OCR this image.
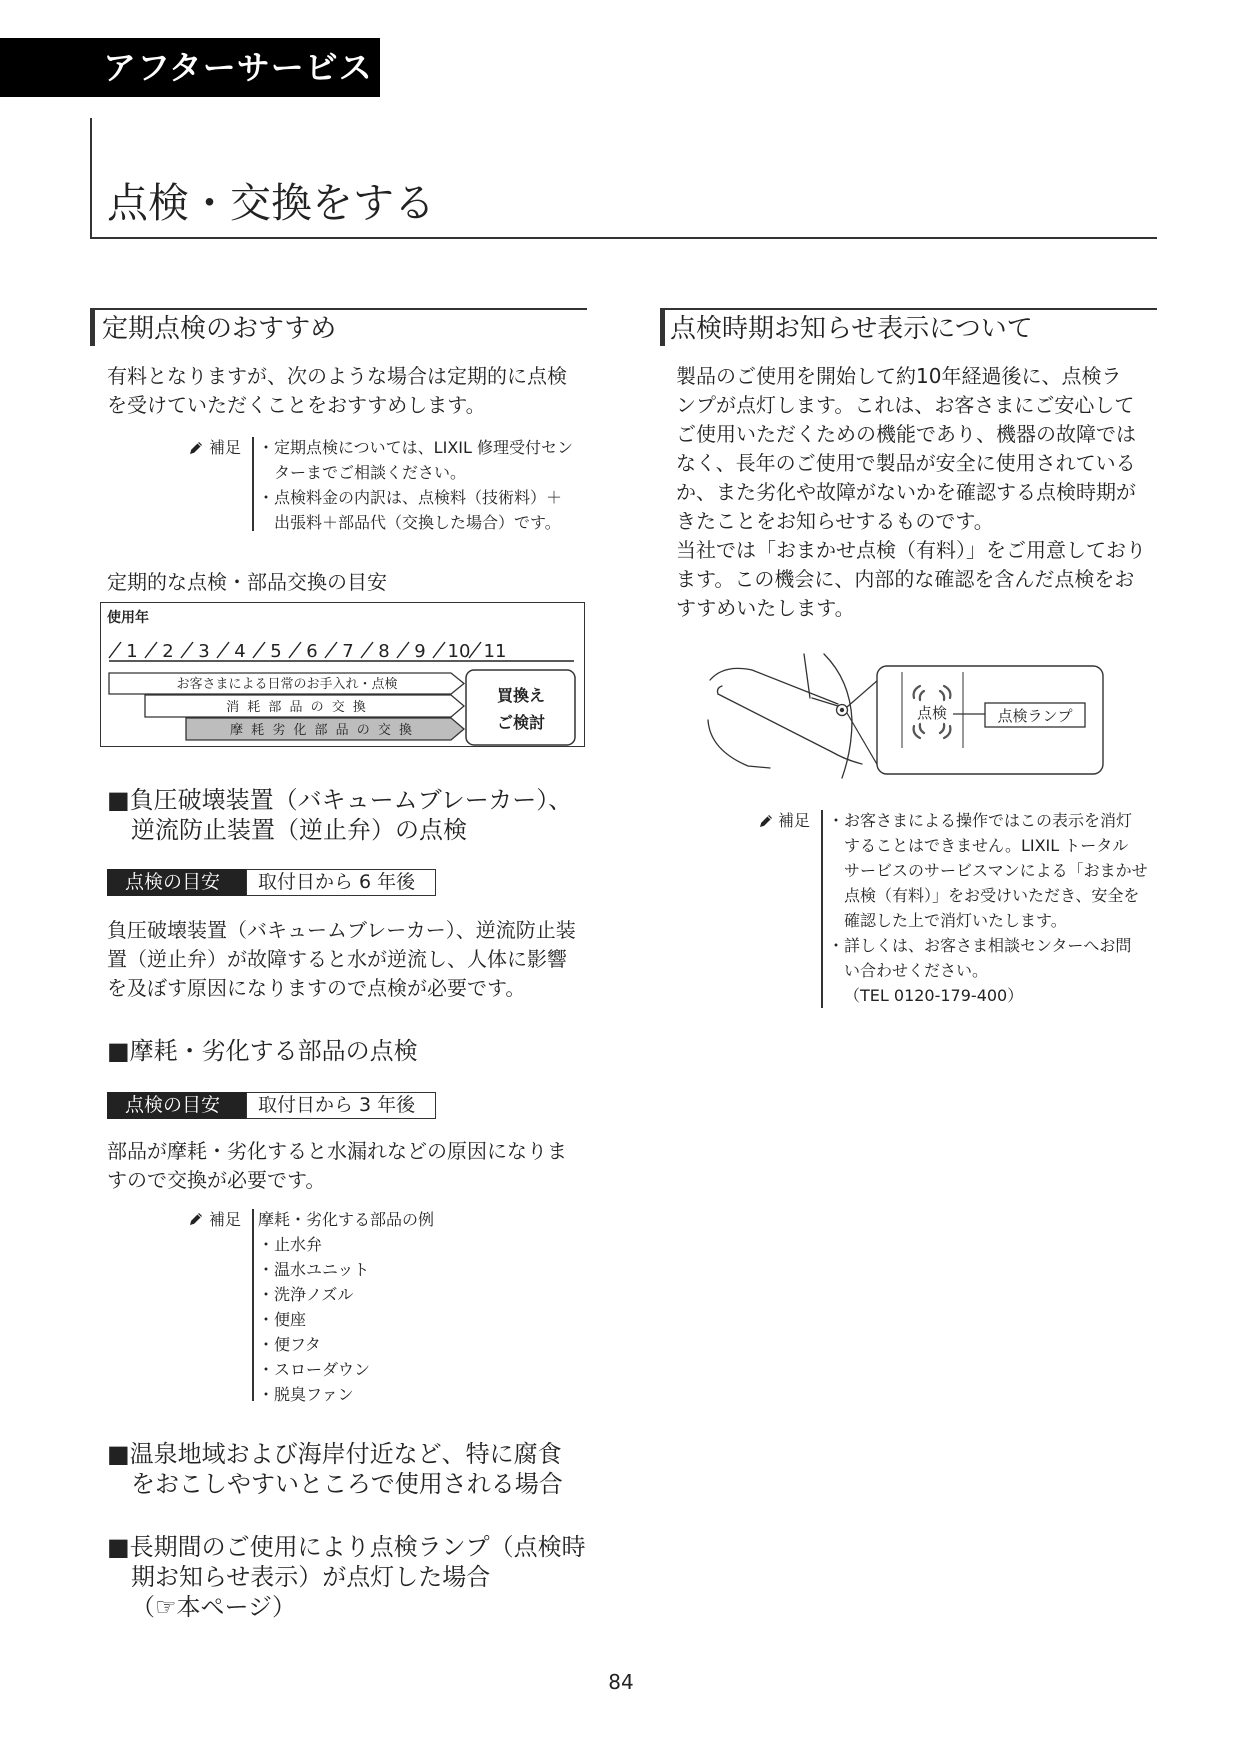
アフターサービス
点検・交換をする
定期点検のおすすめ
有料となりますが、次のような場合は定期的に点検
を受けていただくことをおすすめします。
補足 ・定期点検については、LIXIL 修理受付セン
ターまでご相談ください。
・点検料金の内訳は、点検料（技術料）＋
出張料＋部品代（交換した場合）です。
定期的な点検・部品交換の目安
使用年
1 2 3 4 5 6 7 8 9 10 11
お客さまによる日常のお手入れ・点検
消 耗 部 品 の 交 換
摩 耗 劣 化 部 品 の 交 換
買換え
ご検討
■負圧破壊装置（バキュームブレーカー）、
逆流防止装置（逆止弁）の点検
点検の目安	取付日から 6 年後
負圧破壊装置（バキュームブレーカー）、逆流防止装
置（逆止弁）が故障すると水が逆流し、人体に影響
を及ぼす原因になりますので点検が必要です。
■摩耗・劣化する部品の点検
点検の目安	取付日から 3 年後
部品が摩耗・劣化すると水漏れなどの原因になりま
すので交換が必要です。
補足 摩耗・劣化する部品の例
・止水弁
・温水ユニット
・洗浄ノズル
・便座
・便フタ
・スローダウン
・脱臭ファン
■温泉地域および海岸付近など、特に腐食
をおこしやすいところで使用される場合
■長期間のご使用により点検ランプ（点検時
期お知らせ表示）が点灯した場合
（☞本ページ）
点検時期お知らせ表示について
製品のご使用を開始して約10年経過後に、点検ラ
ンプが点灯します。これは、お客さまにご安心して
ご使用いただくための機能であり、機器の故障では
なく、長年のご使用で製品が安全に使用されている
か、また劣化や故障がないかを確認する点検時期が
きたことをお知らせするものです。
当社では「おまかせ点検（有料）」をご用意しており
ます。この機会に、内部的な確認を含んだ点検をお
すすめいたします。
点検	点検ランプ
補足 ・お客さまによる操作ではこの表示を消灯
することはできません。LIXIL トータル
サービスのサービスマンによる「おまかせ
点検（有料）」をお受けいただき、安全を
確認した上で消灯いたします。
・詳しくは、お客さま相談センターへお問
い合わせください。
（TEL 0120-179-400）
84
